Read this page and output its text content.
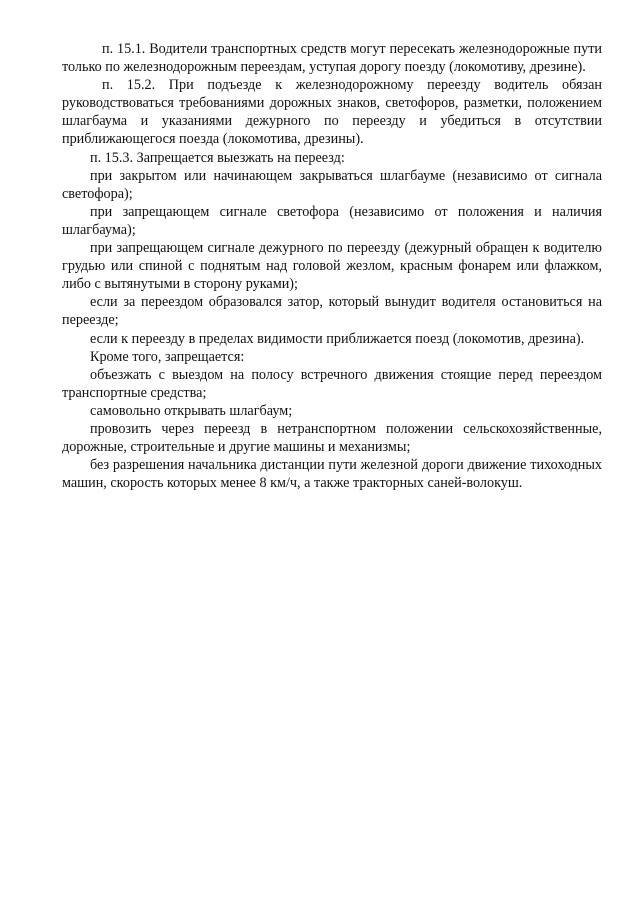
п. 15.1. Водители транспортных средств могут пересекать железнодорожные пути только по железнодорожным переездам, уступая дорогу поезду (локомотиву, дрезине).

п. 15.2. При подъезде к железнодорожному переезду водитель обязан руководствоваться требованиями дорожных знаков, светофоров, разметки, положением шлагбаума и указаниями дежурного по переезду и убедиться в отсутствии приближающегося поезда (локомотива, дрезины).

п. 15.3. Запрещается выезжать на переезд:

при закрытом или начинающем закрываться шлагбауме (независимо от сигнала светофора);

при запрещающем сигнале светофора (независимо от положения и наличия шлагбаума);

при запрещающем сигнале дежурного по переезду (дежурный обращен к водителю грудью или спиной с поднятым над головой жезлом, красным фонарем или флажком, либо с вытянутыми в сторону руками);

если за переездом образовался затор, который вынудит водителя остановиться на переезде;

если к переезду в пределах видимости приближается поезд (локомотив, дрезина).

Кроме того, запрещается:

объезжать с выездом на полосу встречного движения стоящие перед переездом транспортные средства;

самовольно открывать шлагбаум;

провозить через переезд в нетранспортном положении сельскохозяйственные, дорожные, строительные и другие машины и механизмы;

без разрешения начальника дистанции пути железной дороги движение тихоходных машин, скорость которых менее 8 км/ч, а также тракторных саней-волокуш.
